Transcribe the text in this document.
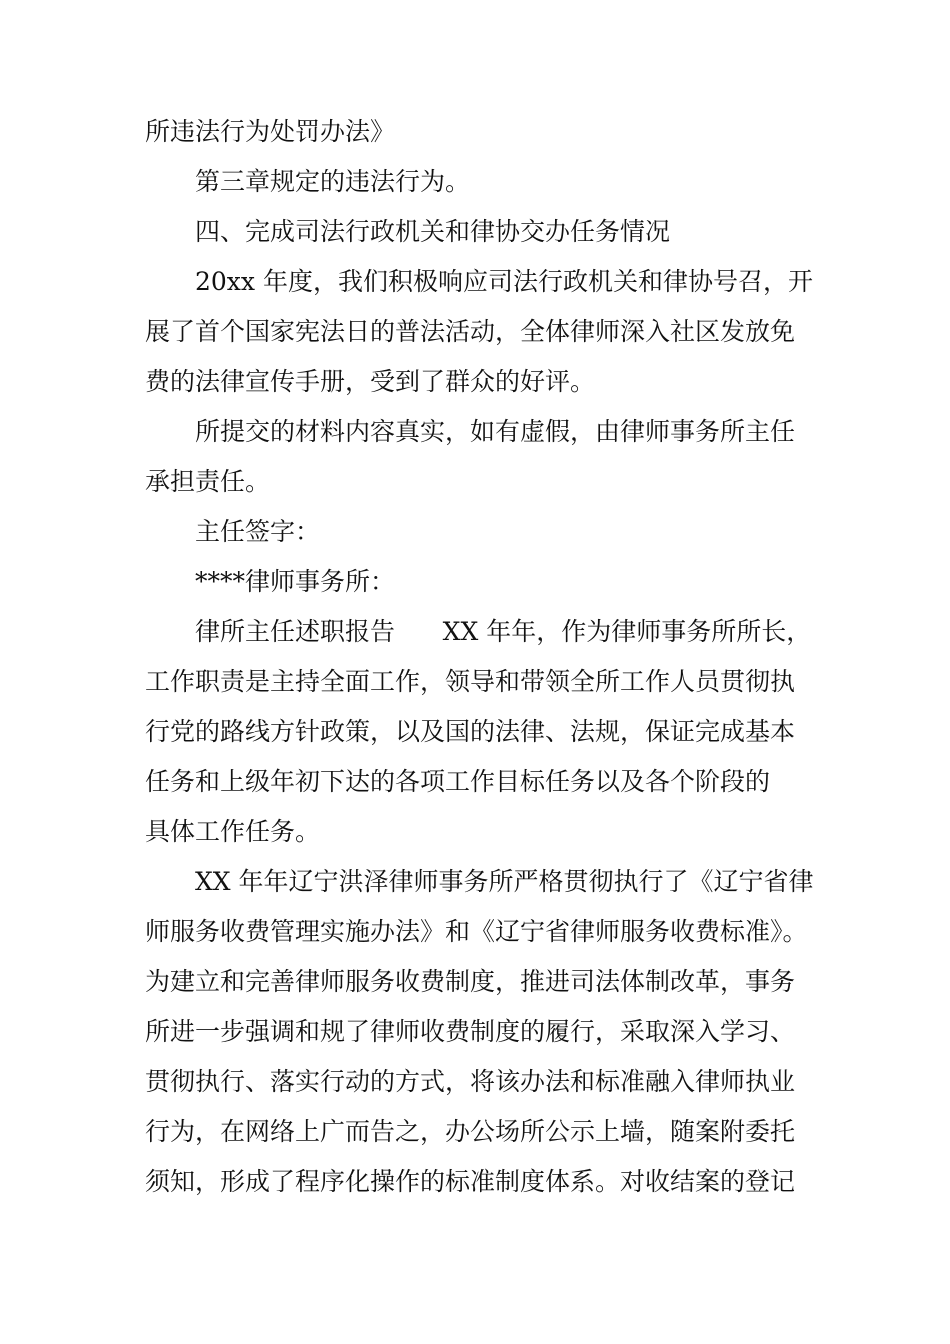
所违法行为处罚办法》

第三章规定的违法行为。

四、完成司法行政机关和律协交办任务情况

20xx 年度，我们积极响应司法行政机关和律协号召，开

展了首个国家宪法日的普法活动，全体律师深入社区发放免

费的法律宣传手册，受到了群众的好评。

所提交的材料内容真实，如有虚假，由律师事务所主任

承担责任。

主任签字：

****律师事务所：

律所主任述职报告      XX 年年，作为律师事务所所长，

工作职责是主持全面工作，领导和带领全所工作人员贯彻执

行党的路线方针政策，以及国的法律、法规，保证完成基本

任务和上级年初下达的各项工作目标任务以及各个阶段的

具体工作任务。

XX 年年辽宁洪泽律师事务所严格贯彻执行了《辽宁省律

师服务收费管理实施办法》和《辽宁省律师服务收费标准》。

为建立和完善律师服务收费制度，推进司法体制改革，事务

所进一步强调和规了律师收费制度的履行，采取深入学习、

贯彻执行、落实行动的方式，将该办法和标准融入律师执业

行为，在网络上广而告之，办公场所公示上墙，随案附委托

须知，形成了程序化操作的标准制度体系。对收结案的登记
